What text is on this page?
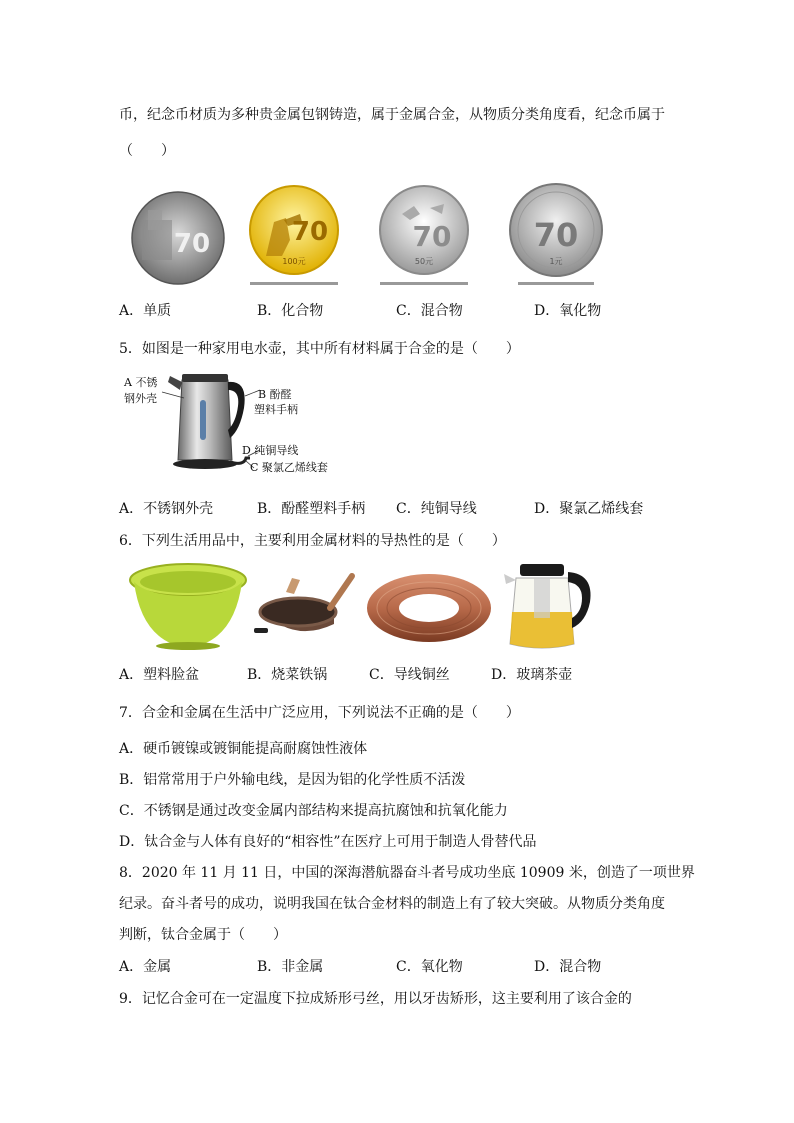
币，纪念币材质为多种贵金属包钢铸造，属于金属合金，从物质分类角度看，纪念币属于
（　　）
70	70
100元
70
50元
70
1元
A．单质	B．化合物	C．混合物	D．氧化物
5．如图是一种家用电水壶，其中所有材料属于合金的是（　　）
A 不锈
钢外壳	B 酚醛
塑料手柄
D 纯铜导线
C 聚氯乙烯线套
A．不锈钢外壳	B．酚醛塑料手柄 C．纯铜导线	D．聚氯乙烯线套
6．下列生活用品中，主要利用金属材料的导热性的是（　　）
A．塑料脸盆	B．烧菜铁锅	C．导线铜丝	D．玻璃茶壶
7．合金和金属在生活中广泛应用，下列说法不正确的是（　　）
A．硬币镀镍或镀铜能提高耐腐蚀性液体
B．铝常常用于户外输电线，是因为铝的化学性质不活泼
C．不锈钢是通过改变金属内部结构来提高抗腐蚀和抗氧化能力
D．钛合金与人体有良好的“相容性”在医疗上可用于制造人骨替代品
8．2020 年 11 月 11 日，中国的深海潜航器奋斗者号成功坐底 10909 米，创造了一项世界
纪录。奋斗者号的成功，说明我国在钛合金材料的制造上有了较大突破。从物质分类角度
判断，钛合金属于（　　）
A．金属	B．非金属	C．氧化物	D．混合物
9．记忆合金可在一定温度下拉成矫形弓丝，用以牙齿矫形，这主要利用了该合金的
